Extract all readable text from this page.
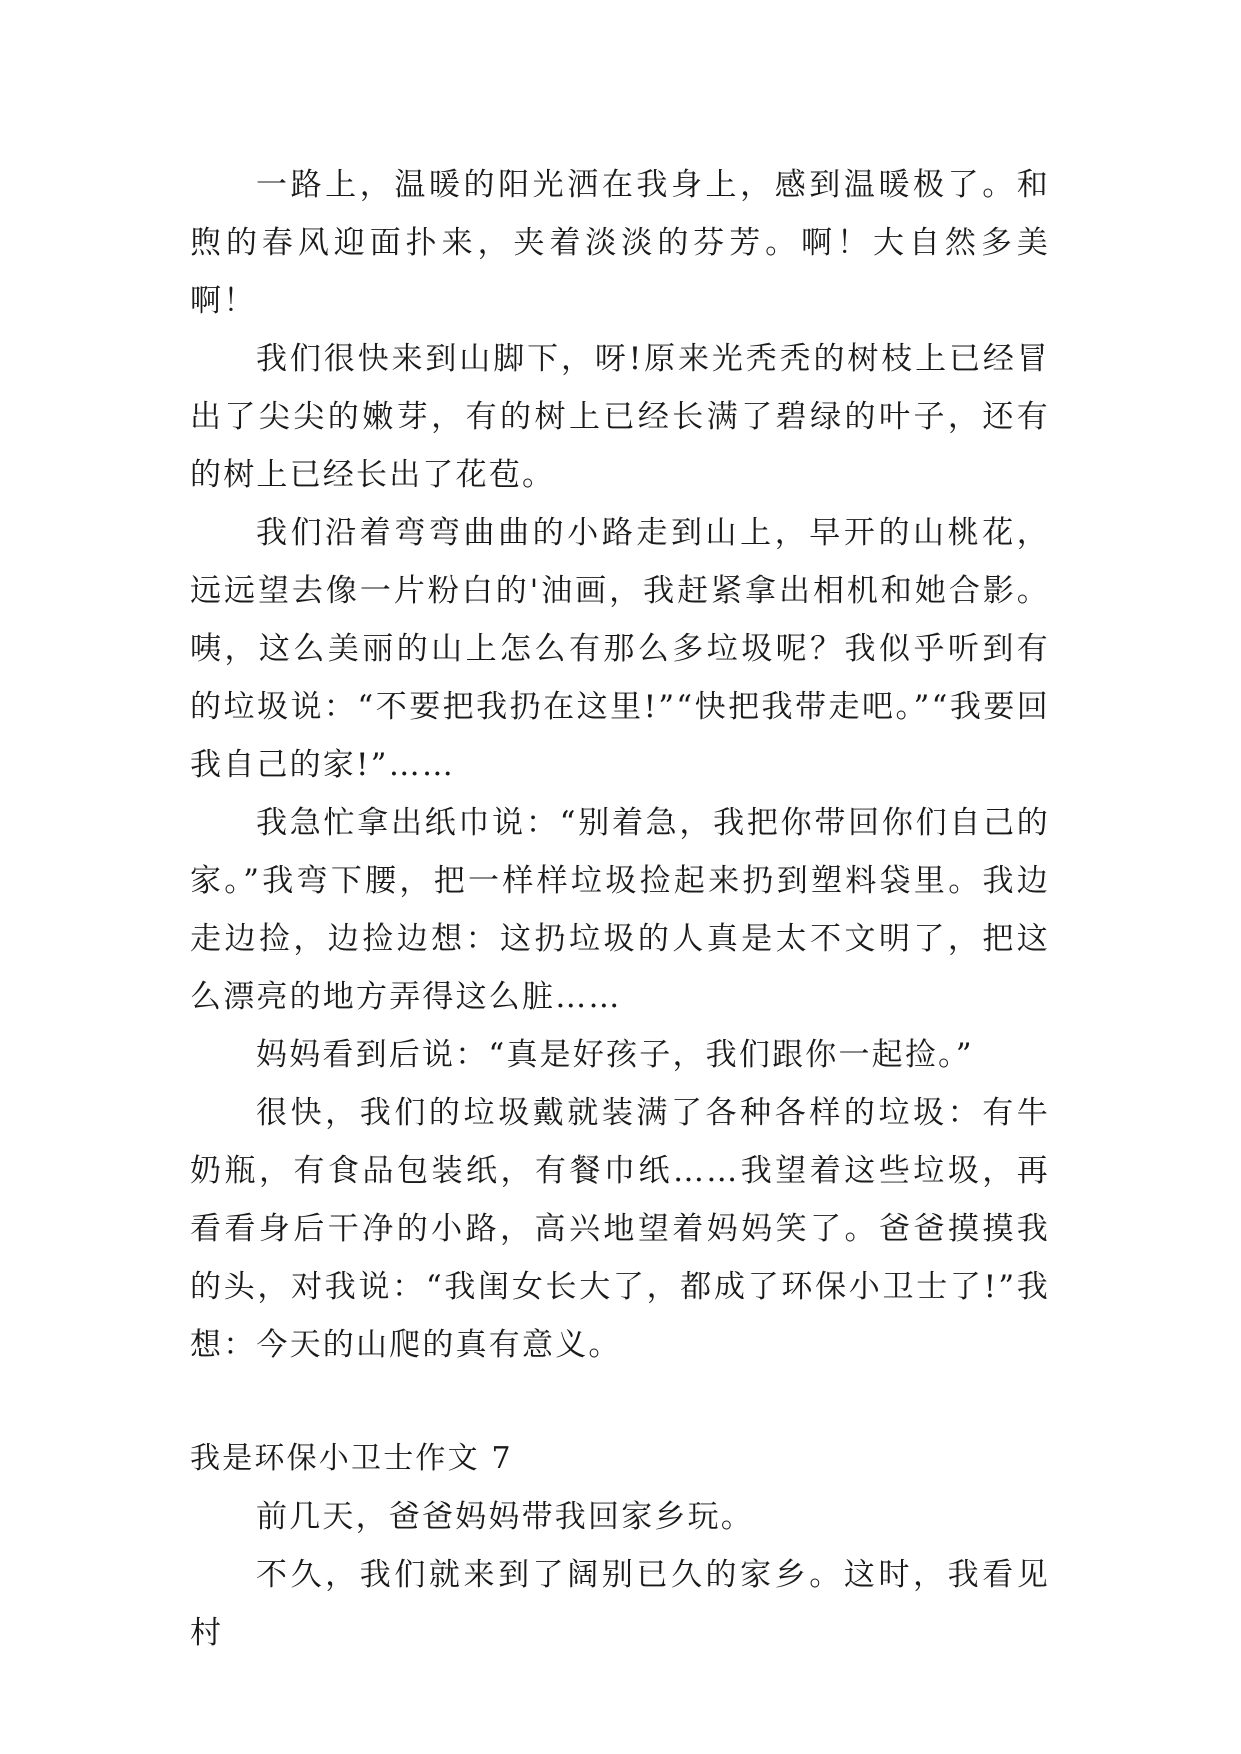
一路上，温暖的阳光洒在我身上，感到温暖极了。和煦的春风迎面扑来，夹着淡淡的芬芳。啊！大自然多美啊！

我们很快来到山脚下，呀!原来光秃秃的树枝上已经冒出了尖尖的嫩芽，有的树上已经长满了碧绿的叶子，还有的树上已经长出了花苞。

我们沿着弯弯曲曲的小路走到山上，早开的山桃花，远远望去像一片粉白的'油画，我赶紧拿出相机和她合影。咦，这么美丽的山上怎么有那么多垃圾呢？我似乎听到有的垃圾说：“不要把我扔在这里!”“快把我带走吧。”“我要回我自己的家!”……

我急忙拿出纸巾说：“别着急，我把你带回你们自己的家。”我弯下腰，把一样样垃圾捡起来扔到塑料袋里。我边走边捡，边捡边想：这扔垃圾的人真是太不文明了，把这么漂亮的地方弄得这么脏……

妈妈看到后说：“真是好孩子，我们跟你一起捡。”

很快，我们的垃圾戴就装满了各种各样的垃圾：有牛奶瓶，有食品包装纸，有餐巾纸……我望着这些垃圾，再看看身后干净的小路，高兴地望着妈妈笑了。爸爸摸摸我的头，对我说：“我闺女长大了，都成了环保小卫士了!”我想：今天的山爬的真有意义。

我是环保小卫士作文 7

前几天，爸爸妈妈带我回家乡玩。

不久，我们就来到了阔别已久的家乡。这时，我看见村
